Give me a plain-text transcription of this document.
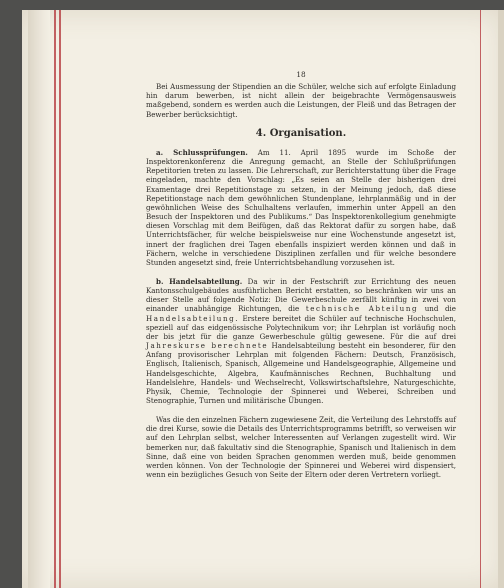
18

Bei Ausmessung der Stipendien an die Schüler, welche sich auf erfolgte Einladung hin darum bewerben, ist nicht allein der beigebrachte Vermögensausweis maßgebend, sondern es werden auch die Leistungen, der Fleiß und das Betragen der Bewerber berücksichtigt.

4. Organisation.

a. Schlussprüfungen. Am 11. April 1895 wurde im Schoße der Inspektorenkonferenz die Anregung gemacht, an Stelle der Schlußprüfungen Repetitorien treten zu lassen. Die Lehrerschaft, zur Berichterstattung über die Frage eingeladen, machte den Vorschlag: „Es seien an Stelle der bisherigen drei Examentage drei Repetitionstage zu setzen, in der Meinung jedoch, daß diese Repetitionstage nach dem gewöhnlichen Stundenplane, lehrplanmäßig und in der gewöhnlichen Weise des Schulhaltens verlaufen, immerhin unter Appell an den Besuch der Inspektoren und des Publikums.“ Das Inspektorenkollegium genehmigte diesen Vorschlag mit dem Beifügen, daß das Rektorat dafür zu sorgen habe, daß Unterrichtsfächer, für welche beispielsweise nur eine Wochenstunde angesetzt ist, innert der fraglichen drei Tagen ebenfalls inspiziert werden können und daß in Fächern, welche in verschiedene Disziplinen zerfallen und für welche besondere Stunden angesetzt sind, freie Unterrichtsbehandlung vorzusehen ist.

b. Handelsabteilung. Da wir in der Festschrift zur Errichtung des neuen Kantonsschulgebäudes ausführlichen Bericht erstatten, so beschränken wir uns an dieser Stelle auf folgende Notiz: Die Gewerbeschule zerfällt künftig in zwei von einander unabhängige Richtungen, die technische Abteilung und die Handelsabteilung. Erstere bereitet die Schüler auf technische Hochschulen, speziell auf das eidgenössische Polytechnikum vor; ihr Lehrplan ist vorläufig noch der bis jetzt für die ganze Gewerbeschule gültig gewesene. Für die auf drei Jahreskurse berechnete Handelsabteilung besteht ein besonderer, für den Anfang provisorischer Lehrplan mit folgenden Fächern: Deutsch, Französisch, Englisch, Italienisch, Spanisch, Allgemeine und Handelsgeographie, Allgemeine und Handelsgeschichte, Algebra, Kaufmännisches Rechnen, Buchhaltung und Handelslehre, Handels- und Wechselrecht, Volkswirtschaftslehre, Naturgeschichte, Physik, Chemie, Technologie der Spinnerei und Weberei, Schreiben und Stenographie, Turnen und militärische Übungen.

Was die den einzelnen Fächern zugewiesene Zeit, die Verteilung des Lehrstoffs auf die drei Kurse, sowie die Details des Unterrichtsprogramms betrifft, so verweisen wir auf den Lehrplan selbst, welcher Interessenten auf Verlangen zugestellt wird. Wir bemerken nur, daß fakultativ sind die Stenographie, Spanisch und Italienisch in dem Sinne, daß eine von beiden Sprachen genommen werden muß, beide genommen werden können. Von der Technologie der Spinnerei und Weberei wird dispensiert, wenn ein bezügliches Gesuch von Seite der Eltern oder deren Vertretern vorliegt.
